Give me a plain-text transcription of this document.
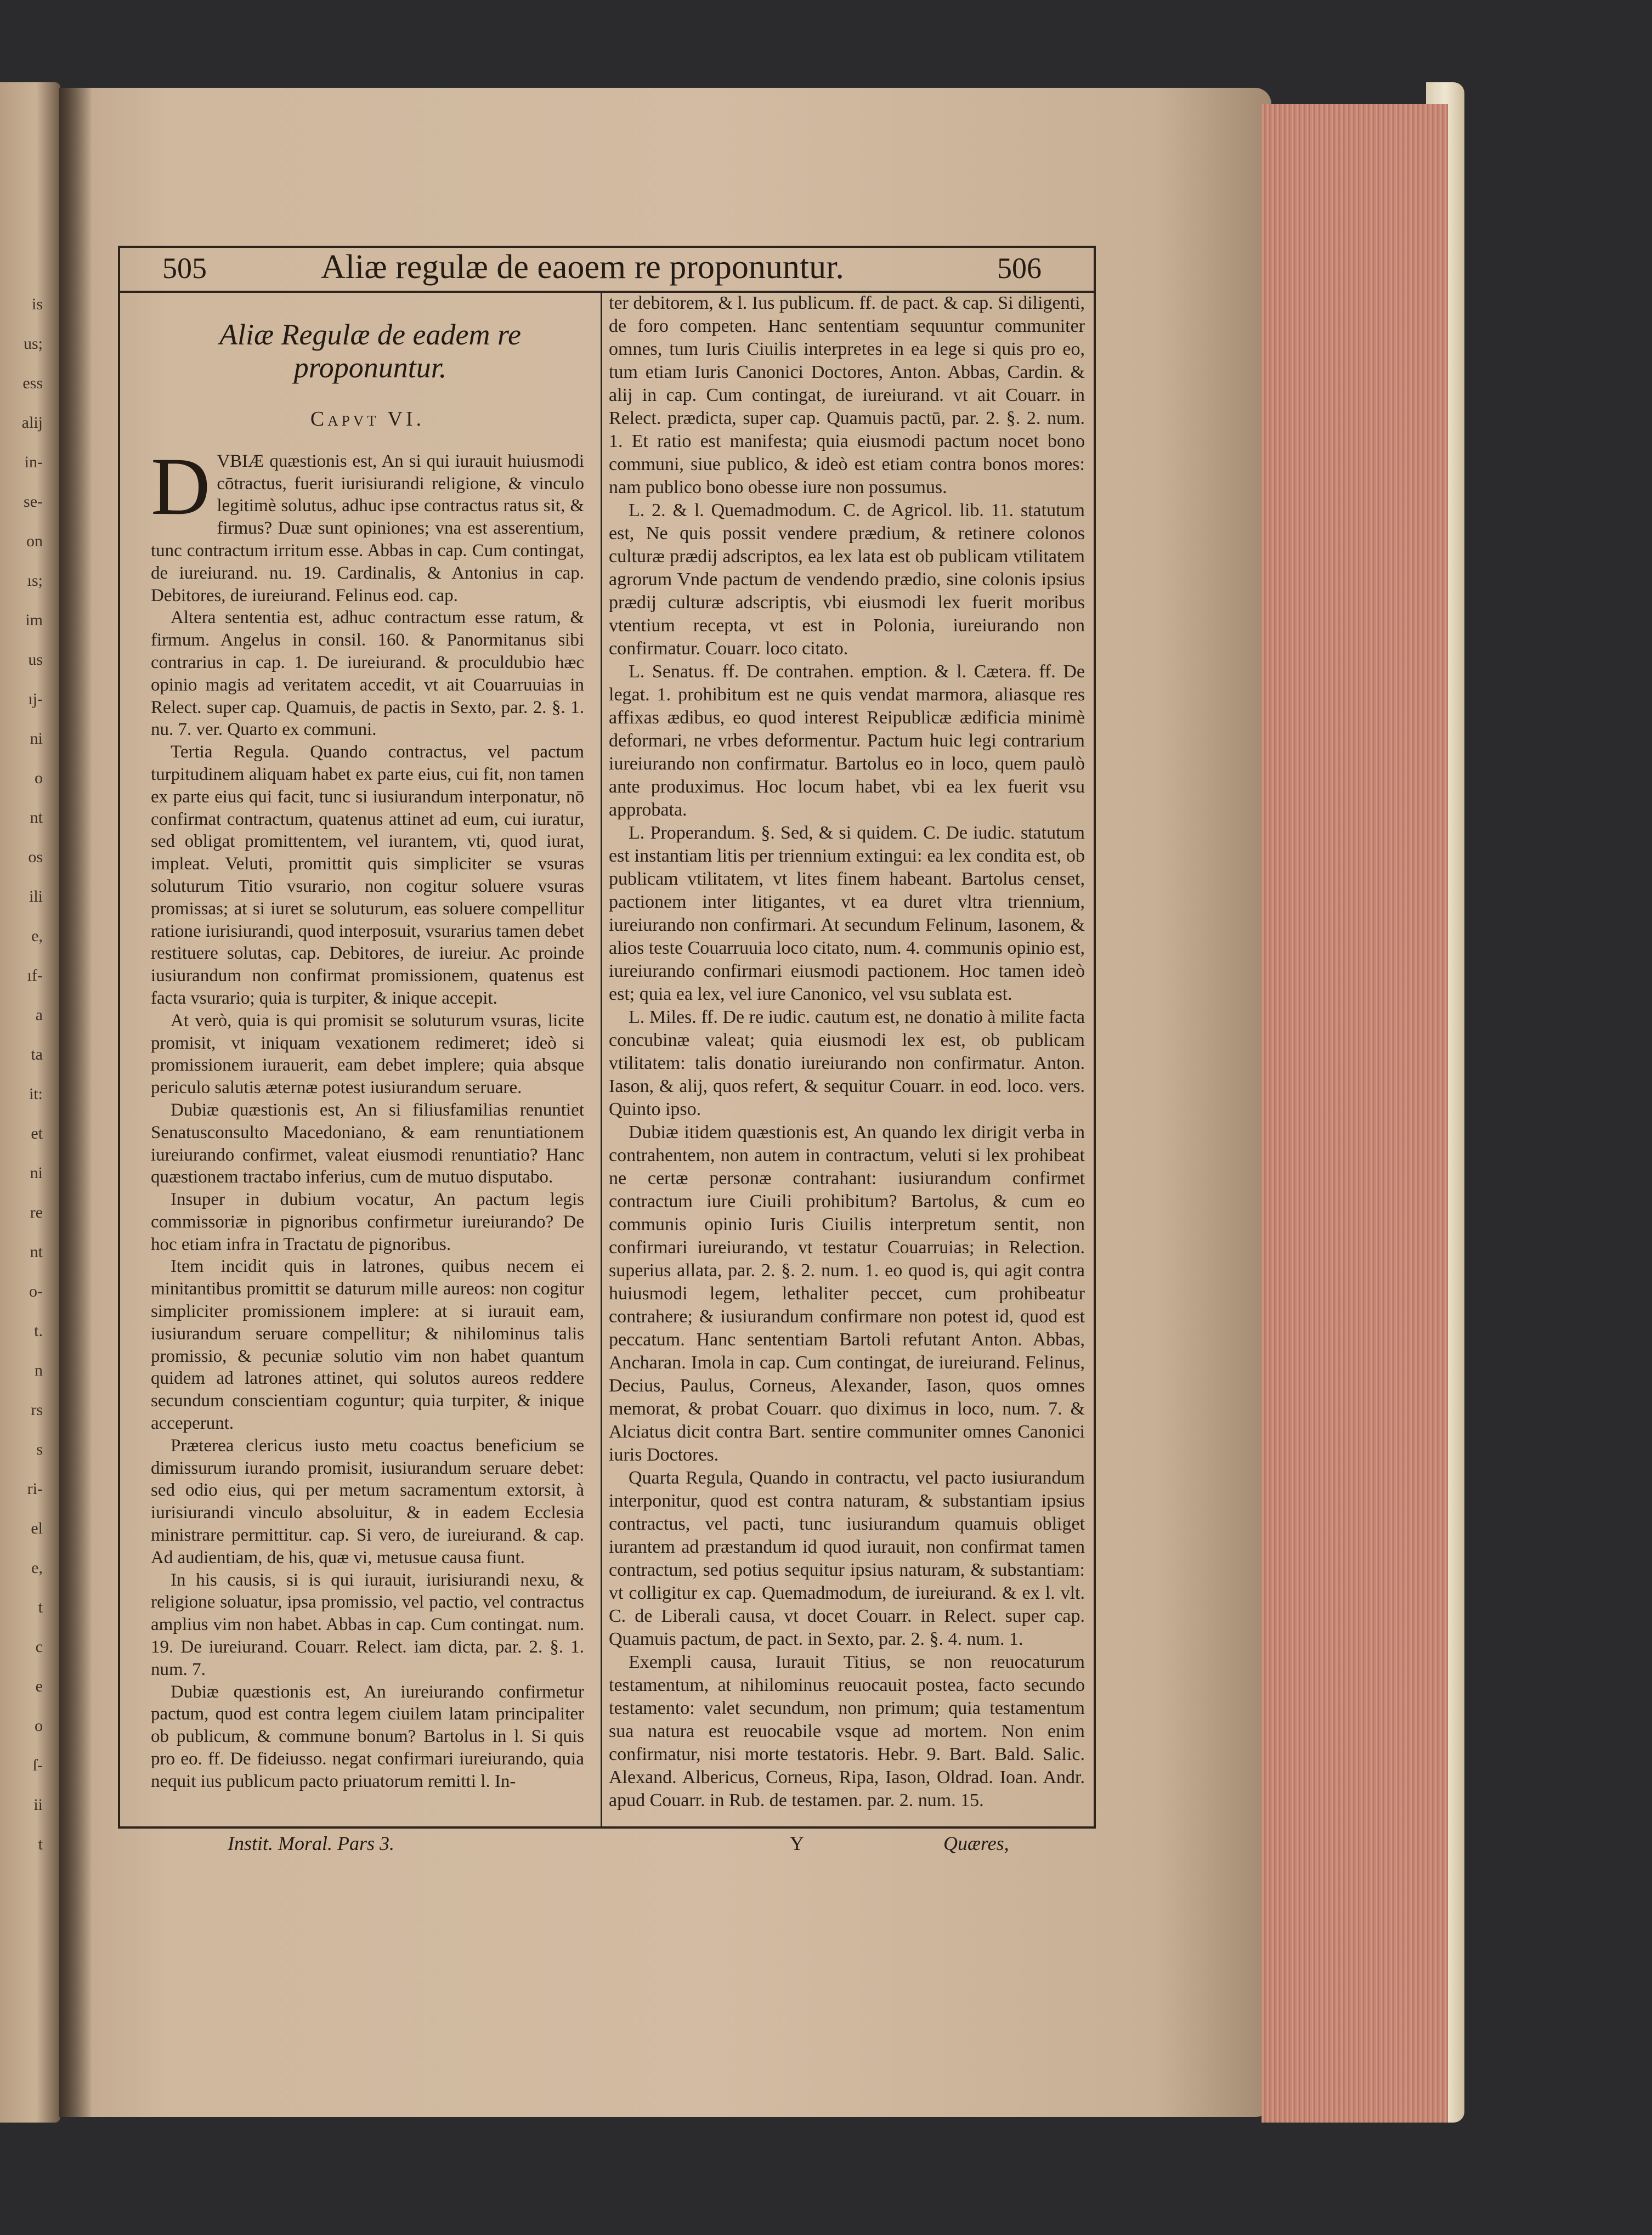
is
us;
ess
alij
in-
se-
on
ıs;
im
us
ıj-
ni
o
nt
os
ili
e,
ıf-
a
ta
it:
et
ni
re
nt
o-
t.
n
rs
s
ri-
el
e,
t
c
e
o
ſ-
ii
t
505	Aliæ regulæ de eaoem re proponuntur.	506
Aliæ Regulæ de eadem re proponuntur.
Capvt VI.

DVBIÆ quæstionis est, An si qui iurauit huiusmodi cōtractus, fuerit iurisiurandi religione, & vinculo legitimè solutus, adhuc ipse contractus ratus sit, & firmus? Duæ sunt opiniones; vna est asserentium, tunc contractum irritum esse. Abbas in cap. Cum contingat, de iureiurand. nu. 19. Cardinalis, & Antonius in cap. Debitores, de iureiurand. Felinus eod. cap.

Altera sententia est, adhuc contractum esse ratum, & firmum. Angelus in consil. 160. & Panormitanus sibi contrarius in cap. 1. De iureiurand. & proculdubio hæc opinio magis ad veritatem accedit, vt ait Couarruuias in Relect. super cap. Quamuis, de pactis in Sexto, par. 2. §. 1. nu. 7. ver. Quarto ex communi.

Tertia Regula. Quando contractus, vel pactum turpitudinem aliquam habet ex parte eius, cui fit, non tamen ex parte eius qui facit, tunc si iusiurandum interponatur, nō confirmat contractum, quatenus attinet ad eum, cui iuratur, sed obligat promittentem, vel iurantem, vti, quod iurat, impleat. Veluti, promittit quis simpliciter se vsuras soluturum Titio vsurario, non cogitur soluere vsuras promissas; at si iuret se soluturum, eas soluere compellitur ratione iurisiurandi, quod interposuit, vsurarius tamen debet restituere solutas, cap. Debitores, de iureiur. Ac proinde iusiurandum non confirmat promissionem, quatenus est facta vsurario; quia is turpiter, & inique accepit.

At verò, quia is qui promisit se soluturum vsuras, licite promisit, vt iniquam vexationem redimeret; ideò si promissionem iurauerit, eam debet implere; quia absque periculo salutis æternæ potest iusiurandum seruare.

Dubiæ quæstionis est, An si filiusfamilias renuntiet Senatusconsulto Macedoniano, & eam renuntiationem iureiurando confirmet, valeat eiusmodi renuntiatio? Hanc quæstionem tractabo inferius, cum de mutuo disputabo.

Insuper in dubium vocatur, An pactum legis commissoriæ in pignoribus confirmetur iureiurando? De hoc etiam infra in Tractatu de pignoribus.

Item incidit quis in latrones, quibus necem ei minitantibus promittit se daturum mille aureos: non cogitur simpliciter promissionem implere: at si iurauit eam, iusiurandum seruare compellitur; & nihilominus talis promissio, & pecuniæ solutio vim non habet quantum quidem ad latrones attinet, qui solutos aureos reddere secundum conscientiam coguntur; quia turpiter, & inique acceperunt.

Præterea clericus iusto metu coactus beneficium se dimissurum iurando promisit, iusiurandum seruare debet: sed odio eius, qui per metum sacramentum extorsit, à iurisiurandi vinculo absoluitur, & in eadem Ecclesia ministrare permittitur. cap. Si vero, de iureiurand. & cap. Ad audientiam, de his, quæ vi, metusue causa fiunt.

In his causis, si is qui iurauit, iurisiurandi nexu, & religione soluatur, ipsa promissio, vel pactio, vel contractus amplius vim non habet. Abbas in cap. Cum contingat. num. 19. De iureiurand. Couarr. Relect. iam dicta, par. 2. §. 1. num. 7.

Dubiæ quæstionis est, An iureiurando confirmetur pactum, quod est contra legem ciuilem latam principaliter ob publicum, & commune bonum? Bartolus in l. Si quis pro eo. ff. De fideiusso. negat confirmari iureiurando, quia nequit ius publicum pacto priuatorum remitti l. In-

ter debitorem, & l. Ius publicum. ff. de pact. & cap. Si diligenti, de foro competen. Hanc sententiam sequuntur communiter omnes, tum Iuris Ciuilis interpretes in ea lege si quis pro eo, tum etiam Iuris Canonici Doctores, Anton. Abbas, Cardin. & alij in cap. Cum contingat, de iureiurand. vt ait Couarr. in Relect. prædicta, super cap. Quamuis pactū, par. 2. §. 2. num. 1. Et ratio est manifesta; quia eiusmodi pactum nocet bono communi, siue publico, & ideò est etiam contra bonos mores: nam publico bono obesse iure non possumus.

L. 2. & l. Quemadmodum. C. de Agricol. lib. 11. statutum est, Ne quis possit vendere prædium, & retinere colonos culturæ prædij adscriptos, ea lex lata est ob publicam vtilitatem agrorum Vnde pactum de vendendo prædio, sine colonis ipsius prædij culturæ adscriptis, vbi eiusmodi lex fuerit moribus vtentium recepta, vt est in Polonia, iureiurando non confirmatur. Couarr. loco citato.

L. Senatus. ff. De contrahen. emption. & l. Cætera. ff. De legat. 1. prohibitum est ne quis vendat marmora, aliasque res affixas ædibus, eo quod interest Reipublicæ ædificia minimè deformari, ne vrbes deformentur. Pactum huic legi contrarium iureiurando non confirmatur. Bartolus eo in loco, quem paulò ante produximus. Hoc locum habet, vbi ea lex fuerit vsu approbata.

L. Properandum. §. Sed, & si quidem. C. De iudic. statutum est instantiam litis per triennium extingui: ea lex condita est, ob publicam vtilitatem, vt lites finem habeant. Bartolus censet, pactionem inter litigantes, vt ea duret vltra triennium, iureiurando non confirmari. At secundum Felinum, Iasonem, & alios teste Couarruuia loco citato, num. 4. communis opinio est, iureiurando confirmari eiusmodi pactionem. Hoc tamen ideò est; quia ea lex, vel iure Canonico, vel vsu sublata est.

L. Miles. ff. De re iudic. cautum est, ne donatio à milite facta concubinæ valeat; quia eiusmodi lex est, ob publicam vtilitatem: talis donatio iureiurando non confirmatur. Anton. Iason, & alij, quos refert, & sequitur Couarr. in eod. loco. vers. Quinto ipso.

Dubiæ itidem quæstionis est, An quando lex dirigit verba in contrahentem, non autem in contractum, veluti si lex prohibeat ne certæ personæ contrahant: iusiurandum confirmet contractum iure Ciuili prohibitum? Bartolus, & cum eo communis opinio Iuris Ciuilis interpretum sentit, non confirmari iureiurando, vt testatur Couarruias; in Relection. superius allata, par. 2. §. 2. num. 1. eo quod is, qui agit contra huiusmodi legem, lethaliter peccet, cum prohibeatur contrahere; & iusiurandum confirmare non potest id, quod est peccatum. Hanc sententiam Bartoli refutant Anton. Abbas, Ancharan. Imola in cap. Cum contingat, de iureiurand. Felinus, Decius, Paulus, Corneus, Alexander, Iason, quos omnes memorat, & probat Couarr. quo diximus in loco, num. 7. & Alciatus dicit contra Bart. sentire communiter omnes Canonici iuris Doctores.

Quarta Regula, Quando in contractu, vel pacto iusiurandum interponitur, quod est contra naturam, & substantiam ipsius contractus, vel pacti, tunc iusiurandum quamuis obliget iurantem ad præstandum id quod iurauit, non confirmat tamen contractum, sed potius sequitur ipsius naturam, & substantiam: vt colligitur ex cap. Quemadmodum, de iureiurand. & ex l. vlt. C. de Liberali causa, vt docet Couarr. in Relect. super cap. Quamuis pactum, de pact. in Sexto, par. 2. §. 4. num. 1.

Exempli causa, Iurauit Titius, se non reuocaturum testamentum, at nihilominus reuocauit postea, facto secundo testamento: valet secundum, non primum; quia testamentum sua natura est reuocabile vsque ad mortem. Non enim confirmatur, nisi morte testatoris. Hebr. 9. Bart. Bald. Salic. Alexand. Albericus, Corneus, Ripa, Iason, Oldrad. Ioan. Andr. apud Couarr. in Rub. de testamen. par. 2. num. 15.

Instit. Moral. Pars 3.	Y	Quæres,
